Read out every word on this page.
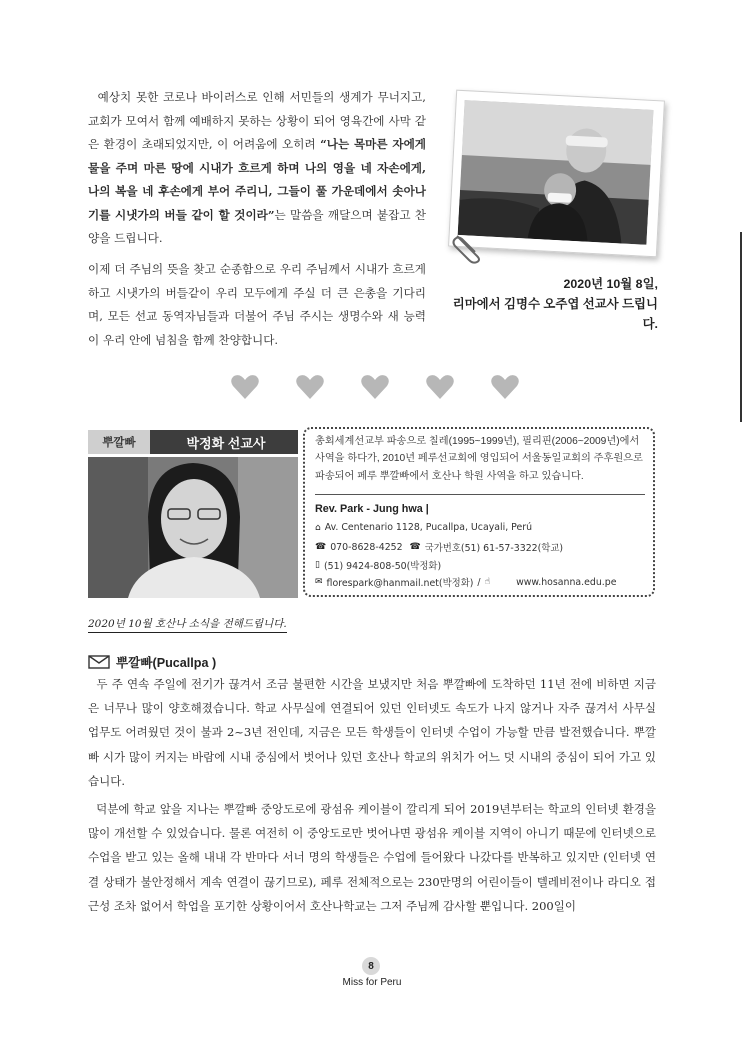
예상치 못한 코로나 바이러스로 인해 서민들의 생계가 무너지고, 교회가 모여서 함께 예배하지 못하는 상황이 되어 영육간에 사막 같은 환경이 초래되었지만, 이 어려움에 오히려 “나는 목마른 자에게 물을 주며 마른 땅에 시내가 흐르게 하며 나의 영을 네 자손에게, 나의 복을 네 후손에게 부어 주리니, 그들이 풀 가운데에서 솟아나기를 시냇가의 버들 같이 할 것이라”는 말씀을 깨달으며 붙잡고 찬양을 드립니다.
이제 더 주님의 뜻을 찾고 순종함으로 우리 주님께서 시내가 흐르게 하고 시냇가의 버들같이 우리 모두에게 주실 더 큰 은총을 기다리며, 모든 선교 동역자님들과 더불어 주님 주시는 생명수와 새 능력이 우리 안에 넘침을 함께 찬양합니다.
2020년 10월 8일,
리마에서 김명수 오주엽 선교사 드립니다.
뿌깔빠	박정화 선교사	총회세계선교부 파송으로 칠레(1995~1999년), 필리핀(2006~2009년)에서 사역을 하다가, 2010년 페루선교회에 영입되어 서울동일교회의 주후원으로 파송되어 페루 뿌깔빠에서 호산나 학원 사역을 하고 있습니다.
Rev. Park - Jung hwa |
⌂ Av. Centenario 1128, Pucallpa, Ucayali, Perú
☎ 070-8628-4252 ☎ 국가번호(51) 61-57-3322(학교)
▯ (51) 9424-808-50(박정화)
✉ florespark@hanmail.net(박정화) / ☝	www.hosanna.edu.pe
2020년 10월 호산나 소식을 전해드립니다.
뿌깔빠(Pucallpa )
두 주 연속 주일에 전기가 끊겨서 조금 불편한 시간을 보냈지만 처음 뿌깔빠에 도착하던 11년 전에 비하면 지금은 너무나 많이 양호해졌습니다. 학교 사무실에 연결되어 있던 인터넷도 속도가 나지 않거나 자주 끊겨서 사무실 업무도 어려웠던 것이 불과 2~3년 전인데, 지금은 모든 학생들이 인터넷 수업이 가능할 만큼 발전했습니다. 뿌깔빠 시가 많이 커지는 바람에 시내 중심에서 벗어나 있던 호산나 학교의 위치가 어느 덧 시내의 중심이 되어 가고 있습니다.
덕분에 학교 앞을 지나는 뿌깔빠 중앙도로에 광섬유 케이블이 깔리게 되어 2019년부터는 학교의 인터넷 환경을 많이 개선할 수 있었습니다. 물론 여전히 이 중앙도로만 벗어나면 광섬유 케이블 지역이 아니기 때문에 인터넷으로 수업을 받고 있는 올해 내내 각 반마다 서너 명의 학생들은 수업에 들어왔다 나갔다를 반복하고 있지만 (인터넷 연결 상태가 불안정해서 계속 연결이 끊기므로), 페루 전체적으로는 230만명의 어린이들이 텔레비전이나 라디오 접근성 조차 없어서 학업을 포기한 상황이어서 호산나학교는 그저 주님께 감사할 뿐입니다. 200일이
8
Miss for Peru
